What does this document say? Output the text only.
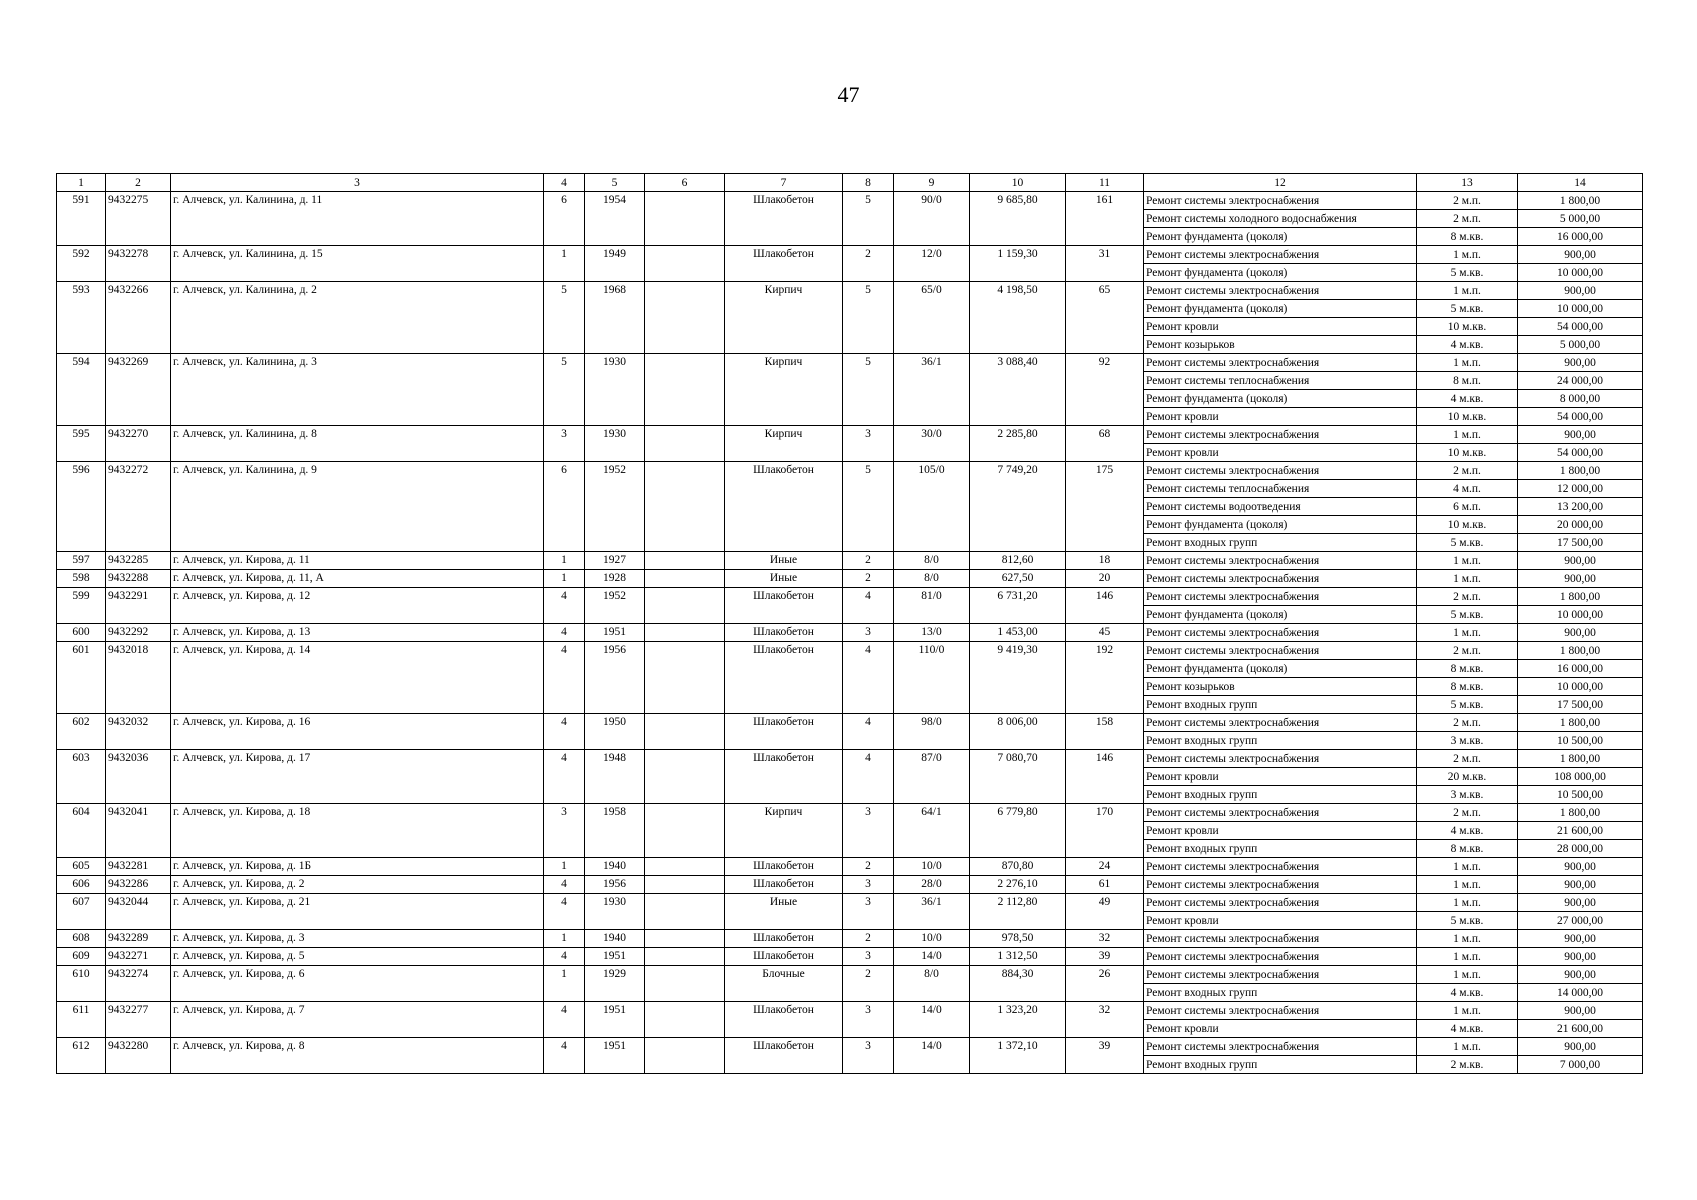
47
1	2	3	4	5	6	7	8	9	10	11	12	13	14
591	9432275	г. Алчевск, ул. Калинина, д. 11	6	1954		Шлакобетон	5	90/0	9 685,80	161	Ремонт системы электроснабжения	2 м.п.	1 800,00
											Ремонт системы холодного водоснабжения	2 м.п.	5 000,00
											Ремонт фундамента (цоколя)	8 м.кв.	16 000,00
592	9432278	г. Алчевск, ул. Калинина, д. 15	1	1949		Шлакобетон	2	12/0	1 159,30	31	Ремонт системы электроснабжения	1 м.п.	900,00
											Ремонт фундамента (цоколя)	5 м.кв.	10 000,00
593	9432266	г. Алчевск, ул. Калинина, д. 2	5	1968		Кирпич	5	65/0	4 198,50	65	Ремонт системы электроснабжения	1 м.п.	900,00
											Ремонт фундамента (цоколя)	5 м.кв.	10 000,00
											Ремонт кровли	10 м.кв.	54 000,00
											Ремонт козырьков	4 м.кв.	5 000,00
594	9432269	г. Алчевск, ул. Калинина, д. 3	5	1930		Кирпич	5	36/1	3 088,40	92	Ремонт системы электроснабжения	1 м.п.	900,00
											Ремонт системы теплоснабжения	8 м.п.	24 000,00
											Ремонт фундамента (цоколя)	4 м.кв.	8 000,00
											Ремонт кровли	10 м.кв.	54 000,00
595	9432270	г. Алчевск, ул. Калинина, д. 8	3	1930		Кирпич	3	30/0	2 285,80	68	Ремонт системы электроснабжения	1 м.п.	900,00
											Ремонт кровли	10 м.кв.	54 000,00
596	9432272	г. Алчевск, ул. Калинина, д. 9	6	1952		Шлакобетон	5	105/0	7 749,20	175	Ремонт системы электроснабжения	2 м.п.	1 800,00
											Ремонт системы теплоснабжения	4 м.п.	12 000,00
											Ремонт системы водоотведения	6 м.п.	13 200,00
											Ремонт фундамента (цоколя)	10 м.кв.	20 000,00
											Ремонт входных групп	5 м.кв.	17 500,00
597	9432285	г. Алчевск, ул. Кирова, д. 11	1	1927		Иные	2	8/0	812,60	18	Ремонт системы электроснабжения	1 м.п.	900,00
598	9432288	г. Алчевск, ул. Кирова, д. 11, А	1	1928		Иные	2	8/0	627,50	20	Ремонт системы электроснабжения	1 м.п.	900,00
599	9432291	г. Алчевск, ул. Кирова, д. 12	4	1952		Шлакобетон	4	81/0	6 731,20	146	Ремонт системы электроснабжения	2 м.п.	1 800,00
											Ремонт фундамента (цоколя)	5 м.кв.	10 000,00
600	9432292	г. Алчевск, ул. Кирова, д. 13	4	1951		Шлакобетон	3	13/0	1 453,00	45	Ремонт системы электроснабжения	1 м.п.	900,00
601	9432018	г. Алчевск, ул. Кирова, д. 14	4	1956		Шлакобетон	4	110/0	9 419,30	192	Ремонт системы электроснабжения	2 м.п.	1 800,00
											Ремонт фундамента (цоколя)	8 м.кв.	16 000,00
											Ремонт козырьков	8 м.кв.	10 000,00
											Ремонт входных групп	5 м.кв.	17 500,00
602	9432032	г. Алчевск, ул. Кирова, д. 16	4	1950		Шлакобетон	4	98/0	8 006,00	158	Ремонт системы электроснабжения	2 м.п.	1 800,00
											Ремонт входных групп	3 м.кв.	10 500,00
603	9432036	г. Алчевск, ул. Кирова, д. 17	4	1948		Шлакобетон	4	87/0	7 080,70	146	Ремонт системы электроснабжения	2 м.п.	1 800,00
											Ремонт кровли	20 м.кв.	108 000,00
											Ремонт входных групп	3 м.кв.	10 500,00
604	9432041	г. Алчевск, ул. Кирова, д. 18	3	1958		Кирпич	3	64/1	6 779,80	170	Ремонт системы электроснабжения	2 м.п.	1 800,00
											Ремонт кровли	4 м.кв.	21 600,00
											Ремонт входных групп	8 м.кв.	28 000,00
605	9432281	г. Алчевск, ул. Кирова, д. 1Б	1	1940		Шлакобетон	2	10/0	870,80	24	Ремонт системы электроснабжения	1 м.п.	900,00
606	9432286	г. Алчевск, ул. Кирова, д. 2	4	1956		Шлакобетон	3	28/0	2 276,10	61	Ремонт системы электроснабжения	1 м.п.	900,00
607	9432044	г. Алчевск, ул. Кирова, д. 21	4	1930		Иные	3	36/1	2 112,80	49	Ремонт системы электроснабжения	1 м.п.	900,00
											Ремонт кровли	5 м.кв.	27 000,00
608	9432289	г. Алчевск, ул. Кирова, д. 3	1	1940		Шлакобетон	2	10/0	978,50	32	Ремонт системы электроснабжения	1 м.п.	900,00
609	9432271	г. Алчевск, ул. Кирова, д. 5	4	1951		Шлакобетон	3	14/0	1 312,50	39	Ремонт системы электроснабжения	1 м.п.	900,00
610	9432274	г. Алчевск, ул. Кирова, д. 6	1	1929		Блочные	2	8/0	884,30	26	Ремонт системы электроснабжения	1 м.п.	900,00
											Ремонт входных групп	4 м.кв.	14 000,00
611	9432277	г. Алчевск, ул. Кирова, д. 7	4	1951		Шлакобетон	3	14/0	1 323,20	32	Ремонт системы электроснабжения	1 м.п.	900,00
											Ремонт кровли	4 м.кв.	21 600,00
612	9432280	г. Алчевск, ул. Кирова, д. 8	4	1951		Шлакобетон	3	14/0	1 372,10	39	Ремонт системы электроснабжения	1 м.п.	900,00
											Ремонт входных групп	2 м.кв.	7 000,00
